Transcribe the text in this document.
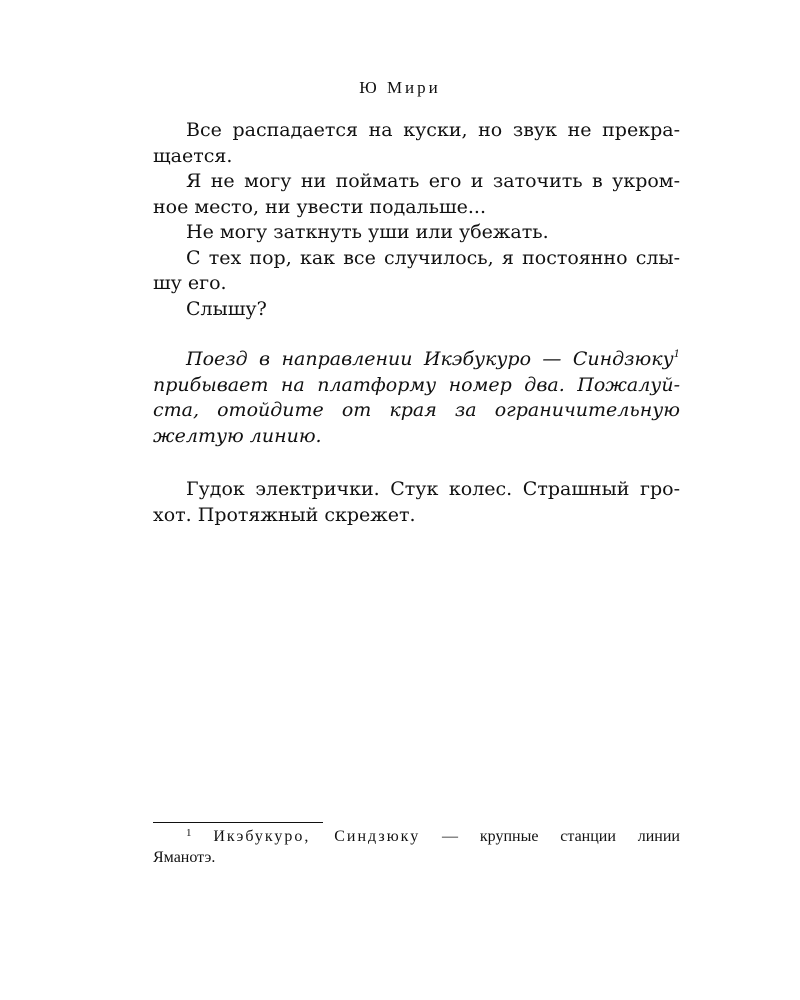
Ю Мири

Все распадается на куски, но звук не прекра-
щается.

Я не могу ни поймать его и заточить в укром-
ное место, ни увести подальше...

Не могу заткнуть уши или убежать.

С тех пор, как все случилось, я постоянно слы-
шу его.

Слышу?

Поезд в направлении Икэбукуро — Синдзюку$^1$
прибывает на платформу номер два. Пожалуй-
ста, отойдите от края за ограничительную
желтую линию.

Гудок электрички. Стук колес. Страшный гро-
хот. Протяжный скрежет.

$^1$ Икэбукуро, Синдзюку — крупные станции линии
Яманотэ.
